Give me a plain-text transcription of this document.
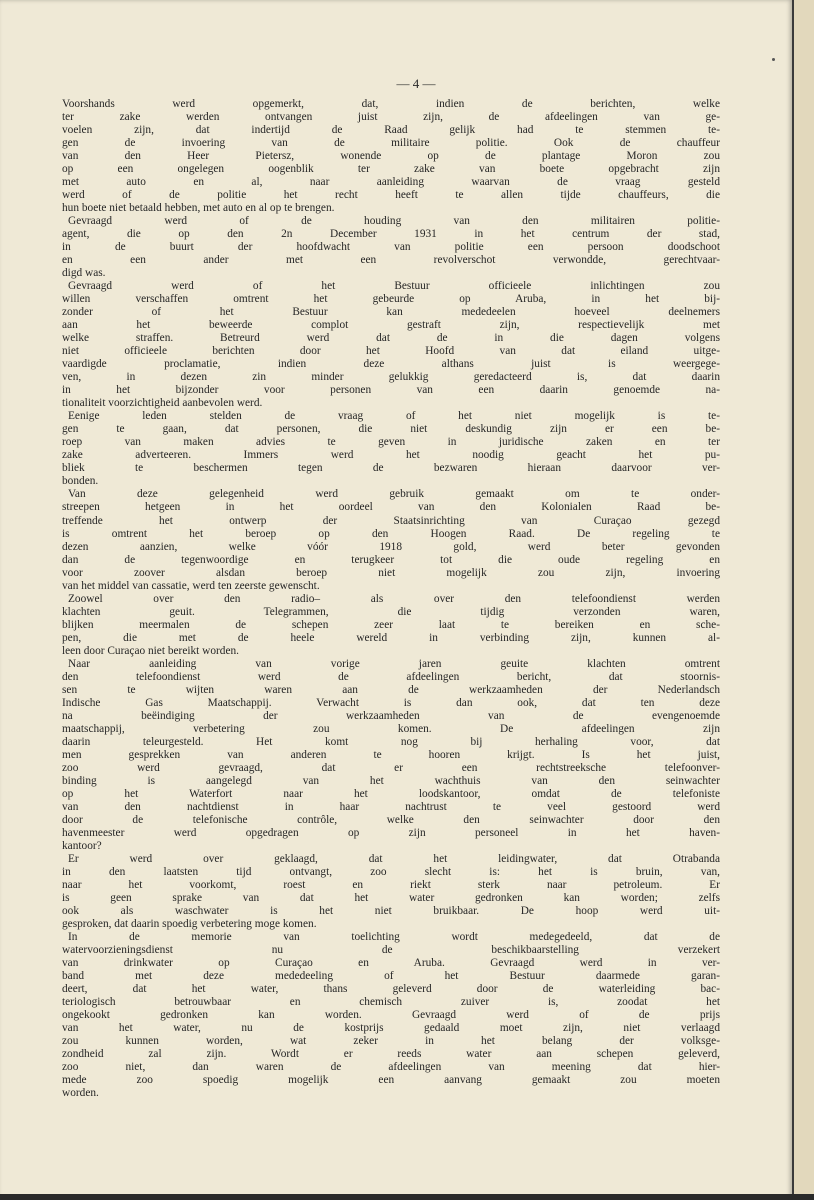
— 4 —
Voorshands werd opgemerkt, dat, indien de berichten, welke
ter zake werden ontvangen juist zijn, de afdeelingen van ge-
voelen zijn, dat indertijd de Raad gelijk had te stemmen te-
gen de invoering van de militaire politie. Ook de chauffeur
van den Heer Pietersz, wonende op de plantage Moron zou
op een ongelegen oogenblik ter zake van boete opgebracht zijn
met auto en al, naar aanleiding waarvan de vraag gesteld
werd of de politie het recht heeft te allen tijde chauffeurs, die
hun boete niet betaald hebben, met auto en al op te brengen.
Gevraagd werd of de houding van den militairen politie-
agent, die op den 2n December 1931 in het centrum der stad,
in de buurt der hoofdwacht van politie een persoon doodschoot
en een ander met een revolverschot verwondde, gerechtvaar-
digd was.
Gevraagd werd of het Bestuur officieele inlichtingen zou
willen verschaffen omtrent het gebeurde op Aruba, in het bij-
zonder of het Bestuur kan mededeelen hoeveel deelnemers
aan het beweerde complot gestraft zijn, respectievelijk met
welke straffen. Betreurd werd dat de in die dagen volgens
niet officieele berichten door het Hoofd van dat eiland uitge-
vaardigde proclamatie, indien deze althans juist is weergege-
ven, in dezen zin minder gelukkig geredacteerd is, dat daarin
in het bijzonder voor personen van een daarin genoemde na-
tionaliteit voorzichtigheid aanbevolen werd.
Eenige leden stelden de vraag of het niet mogelijk is te-
gen te gaan, dat personen, die niet deskundig zijn er een be-
roep van maken advies te geven in juridische zaken en ter
zake adverteeren. Immers werd het noodig geacht het pu-
bliek te beschermen tegen de bezwaren hieraan daarvoor ver-
bonden.
Van deze gelegenheid werd gebruik gemaakt om te onder-
streepen hetgeen in het oordeel van den Kolonialen Raad be-
treffende het ontwerp der Staatsinrichting van Curaçao gezegd
is omtrent het beroep op den Hoogen Raad. De regeling te
dezen aanzien, welke vóór 1918 gold, werd beter gevonden
dan de tegenwoordige en terugkeer tot die oude regeling en
voor zoover alsdan beroep niet mogelijk zou zijn, invoering
van het middel van cassatie, werd ten zeerste gewenscht.
Zoowel over den radio– als over den telefoondienst werden
klachten geuit. Telegrammen, die tijdig verzonden waren,
blijken meermalen de schepen zeer laat te bereiken en sche-
pen, die met de heele wereld in verbinding zijn, kunnen al-
leen door Curaçao niet bereikt worden.
Naar aanleiding van vorige jaren geuite klachten omtrent
den telefoondienst werd de afdeelingen bericht, dat stoornis-
sen te wijten waren aan de werkzaamheden der Nederlandsch
Indische Gas Maatschappij. Verwacht is dan ook, dat ten deze
na beëindiging der werkzaamheden van de evengenoemde
maatschappij, verbetering zou komen. De afdeelingen zijn
daarin teleurgesteld. Het komt nog bij herhaling voor, dat
men gesprekken van anderen te hooren krijgt. Is het juist,
zoo werd gevraagd, dat er een rechtstreeksche telefoonver-
binding is aangelegd van het wachthuis van den seinwachter
op het Waterfort naar het loodskantoor, omdat de telefoniste
van den nachtdienst in haar nachtrust te veel gestoord werd
door de telefonische contrôle, welke den seinwachter door den
havenmeester werd opgedragen op zijn personeel in het haven-
kantoor?
Er werd over geklaagd, dat het leidingwater, dat Otrabanda
in den laatsten tijd ontvangt, zoo slecht is: het is bruin, van,
naar het voorkomt, roest en riekt sterk naar petroleum. Er
is geen sprake van dat het water gedronken kan worden; zelfs
ook als waschwater is het niet bruikbaar. De hoop werd uit-
gesproken, dat daarin spoedig verbetering moge komen.
In de memorie van toelichting wordt medegedeeld, dat de
watervoorzieningsdienst nu de beschikbaarstelling verzekert
van drinkwater op Curaçao en Aruba. Gevraagd werd in ver-
band met deze mededeeling of het Bestuur daarmede garan-
deert, dat het water, thans geleverd door de waterleiding bac-
teriologisch betrouwbaar en chemisch zuiver is, zoodat het
ongekookt gedronken kan worden. Gevraagd werd of de prijs
van het water, nu de kostprijs gedaald moet zijn, niet verlaagd
zou kunnen worden, wat zeker in het belang der volksge-
zondheid zal zijn. Wordt er reeds water aan schepen geleverd,
zoo niet, dan waren de afdeelingen van meening dat hier-
mede zoo spoedig mogelijk een aanvang gemaakt zou moeten
worden.
